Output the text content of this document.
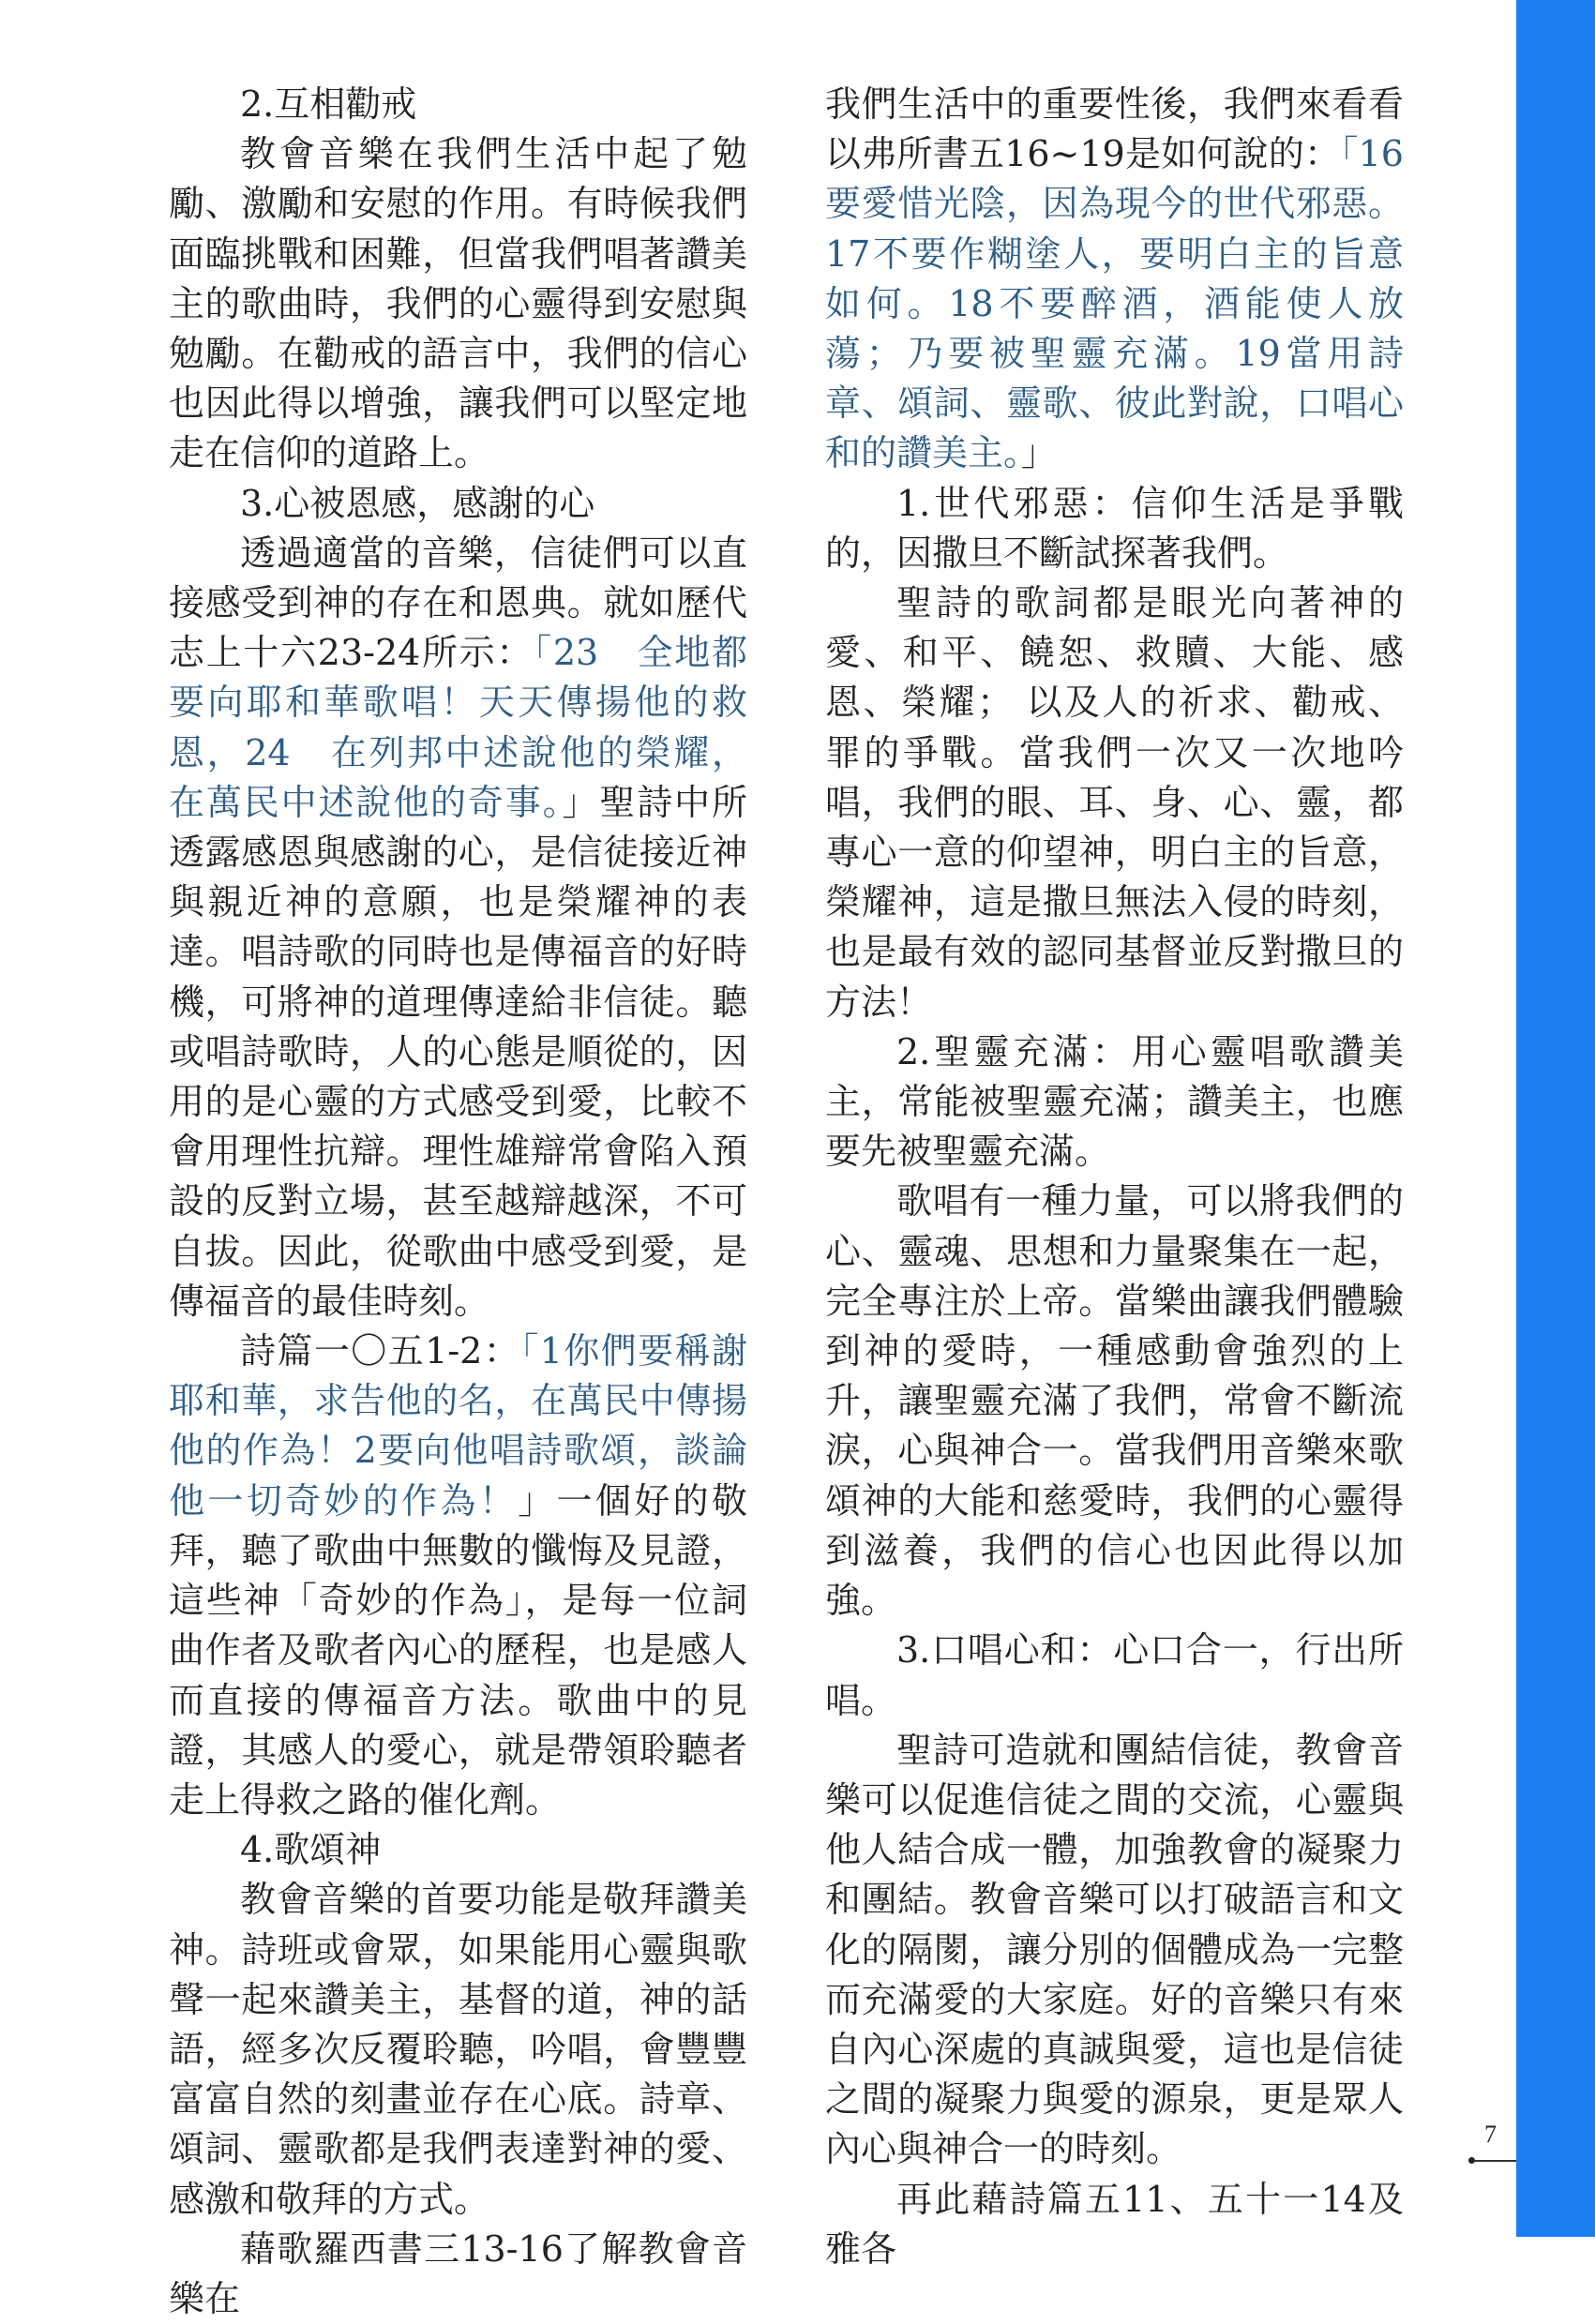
2.互相勸戒

教會音樂在我們生活中起了勉勵、激勵和安慰的作用。有時候我們面臨挑戰和困難，但當我們唱著讚美主的歌曲時，我們的心靈得到安慰與勉勵。在勸戒的語言中，我們的信心也因此得以增強，讓我們可以堅定地走在信仰的道路上。

3.心被恩感，感謝的心

透過適當的音樂，信徒們可以直接感受到神的存在和恩典。就如歷代志上十六23-24所示：「23　全地都要向耶和華歌唱！天天傳揚他的救恩，24　在列邦中述說他的榮耀，在萬民中述說他的奇事。」聖詩中所透露感恩與感謝的心，是信徒接近神與親近神的意願，也是榮耀神的表達。唱詩歌的同時也是傳福音的好時機，可將神的道理傳達給非信徒。聽或唱詩歌時，人的心態是順從的，因用的是心靈的方式感受到愛，比較不會用理性抗辯。理性雄辯常會陷入預設的反對立場，甚至越辯越深，不可自拔。因此，從歌曲中感受到愛，是傳福音的最佳時刻。

詩篇一〇五1-2：「1你們要稱謝耶和華，求告他的名，在萬民中傳揚他的作為！2要向他唱詩歌頌，談論他一切奇妙的作為！」一個好的敬拜，聽了歌曲中無數的懺悔及見證，這些神「奇妙的作為」，是每一位詞曲作者及歌者內心的歷程，也是感人而直接的傳福音方法。歌曲中的見證，其感人的愛心，就是帶領聆聽者走上得救之路的催化劑。

4.歌頌神

教會音樂的首要功能是敬拜讚美神。詩班或會眾，如果能用心靈與歌聲一起來讚美主，基督的道，神的話語，經多次反覆聆聽，吟唱，會豐豐富富自然的刻畫並存在心底。詩章、頌詞、靈歌都是我們表達對神的愛、感激和敬拜的方式。

藉歌羅西書三13-16了解教會音樂在

我們生活中的重要性後，我們來看看以弗所書五16~19是如何說的：「16要愛惜光陰，因為現今的世代邪惡。17不要作糊塗人，要明白主的旨意如何。18不要醉酒，酒能使人放蕩；乃要被聖靈充滿。19當用詩章、頌詞、靈歌、彼此對說，口唱心和的讚美主。」

1.世代邪惡：信仰生活是爭戰的，因撒旦不斷試探著我們。

聖詩的歌詞都是眼光向著神的愛、和平、饒恕、救贖、大能、感恩、榮耀； 以及人的祈求、勸戒、罪的爭戰。當我們一次又一次地吟唱，我們的眼、耳、身、心、靈，都專心一意的仰望神，明白主的旨意，榮耀神，這是撒旦無法入侵的時刻，也是最有效的認同基督並反對撒旦的方法！

2.聖靈充滿：用心靈唱歌讚美主，常能被聖靈充滿；讚美主，也應要先被聖靈充滿。

歌唱有一種力量，可以將我們的心、靈魂、思想和力量聚集在一起，完全專注於上帝。當樂曲讓我們體驗到神的愛時，一種感動會強烈的上升，讓聖靈充滿了我們，常會不斷流淚，心與神合一。當我們用音樂來歌頌神的大能和慈愛時，我們的心靈得到滋養，我們的信心也因此得以加強。

3.口唱心和：心口合一，行出所唱。

聖詩可造就和團結信徒，教會音樂可以促進信徒之間的交流，心靈與他人結合成一體，加強教會的凝聚力和團結。教會音樂可以打破語言和文化的隔閡，讓分別的個體成為一完整而充滿愛的大家庭。好的音樂只有來自內心深處的真誠與愛，這也是信徒之間的凝聚力與愛的源泉，更是眾人內心與神合一的時刻。

再此藉詩篇五11、五十一14及雅各

7
